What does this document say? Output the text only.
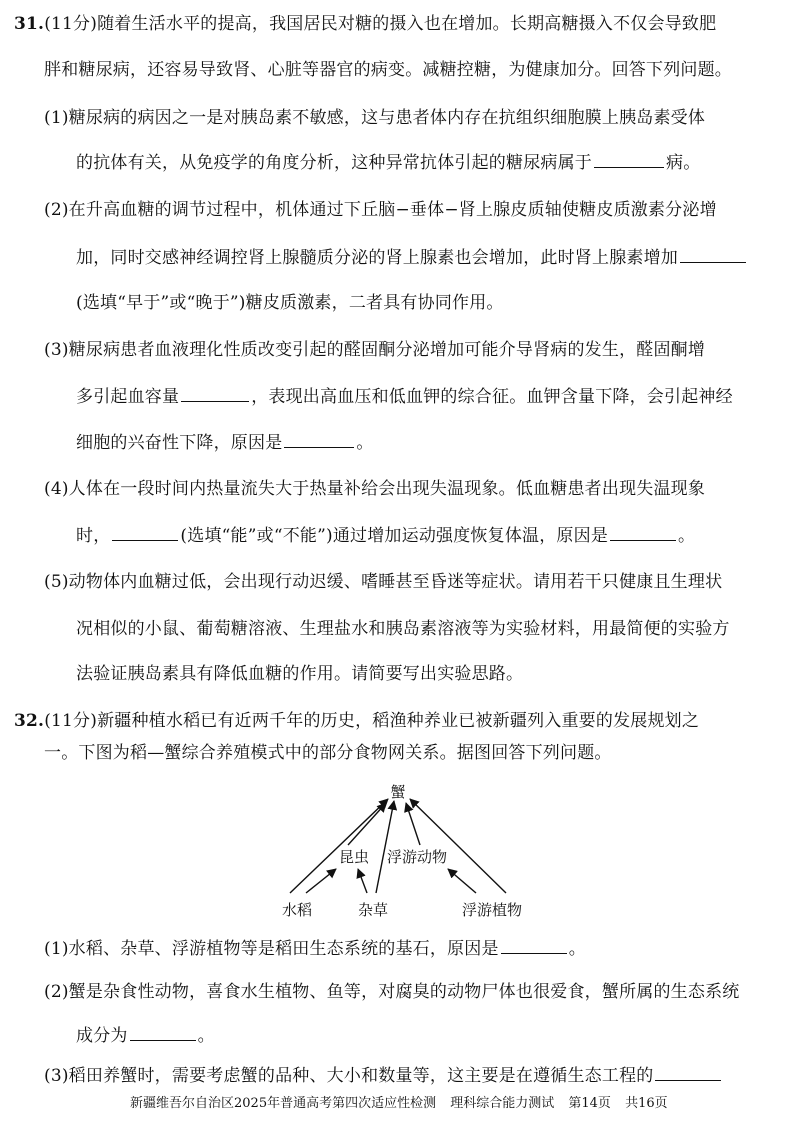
31.(11分)随着生活水平的提高，我国居民对糖的摄入也在增加。长期高糖摄入不仅会导致肥
胖和糖尿病，还容易导致肾、心脏等器官的病变。减糖控糖，为健康加分。回答下列问题。
(1)糖尿病的病因之一是对胰岛素不敏感，这与患者体内存在抗组织细胞膜上胰岛素受体
的抗体有关，从免疫学的角度分析，这种异常抗体引起的糖尿病属于	病。
(2)在升高血糖的调节过程中，机体通过下丘脑−垂体−肾上腺皮质轴使糖皮质激素分泌增
加，同时交感神经调控肾上腺髓质分泌的肾上腺素也会增加，此时肾上腺素增加
(选填“早于”或“晚于”)糖皮质激素，二者具有协同作用。
(3)糖尿病患者血液理化性质改变引起的醛固酮分泌增加可能介导肾病的发生，醛固酮增
多引起血容量	，表现出高血压和低血钾的综合征。血钾含量下降，会引起神经
细胞的兴奋性下降，原因是	。
(4)人体在一段时间内热量流失大于热量补给会出现失温现象。低血糖患者出现失温现象
时，	(选填“能”或“不能”)通过增加运动强度恢复体温，原因是	。
(5)动物体内血糖过低，会出现行动迟缓、嗜睡甚至昏迷等症状。请用若干只健康且生理状
况相似的小鼠、葡萄糖溶液、生理盐水和胰岛素溶液等为实验材料，用最简便的实验方
法验证胰岛素具有降低血糖的作用。请简要写出实验思路。
32.(11分)新疆种植水稻已有近两千年的历史，稻渔种养业已被新疆列入重要的发展规划之
一。下图为稻—蟹综合养殖模式中的部分食物网关系。据图回答下列问题。
蟹
昆虫 浮游动物
水稻	杂草	浮游植物
(1)水稻、杂草、浮游植物等是稻田生态系统的基石，原因是	。
(2)蟹是杂食性动物，喜食水生植物、鱼等，对腐臭的动物尸体也很爱食，蟹所属的生态系统
成分为	。
(3)稻田养蟹时，需要考虑蟹的品种、大小和数量等，这主要是在遵循生态工程的
新疆维吾尔自治区2025年普通高考第四次适应性检测 理科综合能力测试 第14页 共16页
